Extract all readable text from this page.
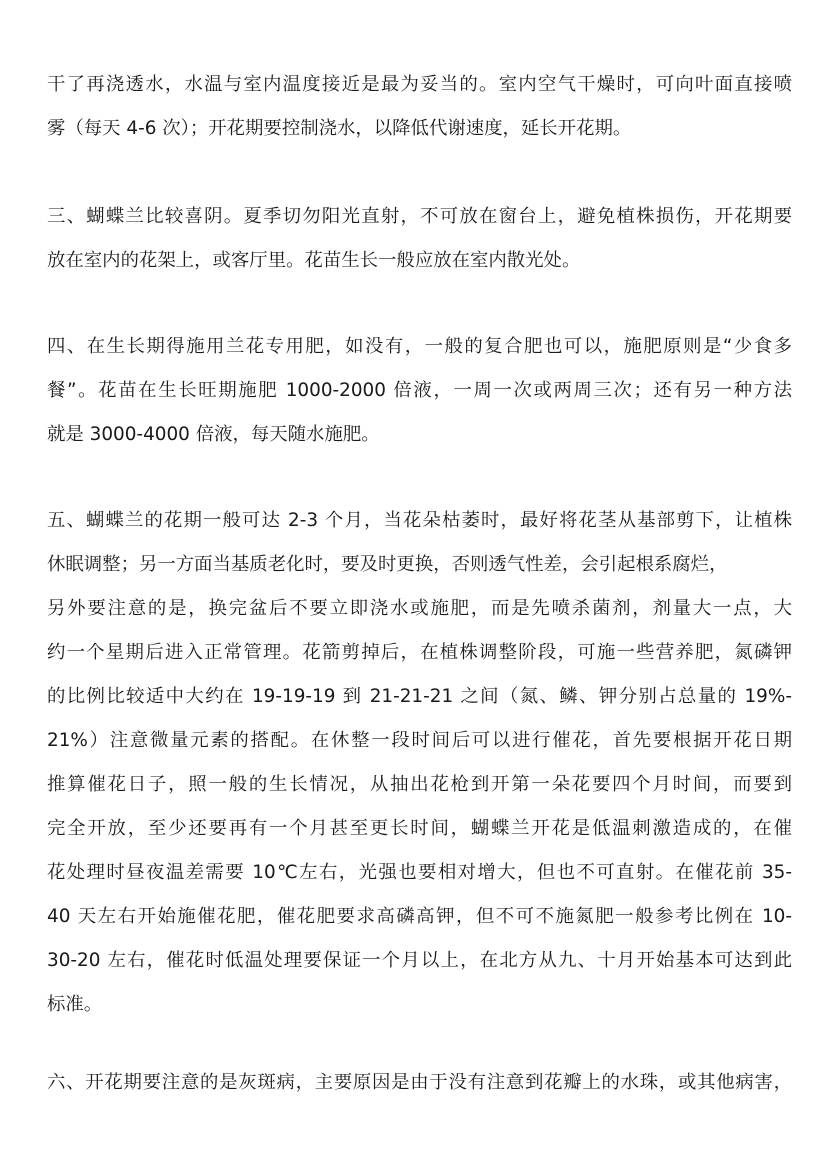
干了再浇透水，水温与室内温度接近是最为妥当的。室内空气干燥时，可向叶面直接喷
雾（每天 4-6 次）；开花期要控制浇水，以降低代谢速度，延长开花期。
三、蝴蝶兰比较喜阴。夏季切勿阳光直射，不可放在窗台上，避免植株损伤，开花期要
放在室内的花架上，或客厅里。花苗生长一般应放在室内散光处。
四、在生长期得施用兰花专用肥，如没有，一般的复合肥也可以，施肥原则是“少食多
餐”。花苗在生长旺期施肥 1000-2000 倍液，一周一次或两周三次；还有另一种方法
就是 3000-4000 倍液，每天随水施肥。
五、蝴蝶兰的花期一般可达 2-3 个月，当花朵枯萎时，最好将花茎从基部剪下，让植株
休眠调整；另一方面当基质老化时，要及时更换，否则透气性差，会引起根系腐烂，
另外要注意的是，换完盆后不要立即浇水或施肥，而是先喷杀菌剂，剂量大一点，大
约一个星期后进入正常管理。花箭剪掉后，在植株调整阶段，可施一些营养肥，氮磷钾
的比例比较适中大约在 19-19-19 到 21-21-21 之间（氮、鳞、钾分别占总量的 19%-
21%）注意微量元素的搭配。在休整一段时间后可以进行催花，首先要根据开花日期
推算催花日子，照一般的生长情况，从抽出花枪到开第一朵花要四个月时间，而要到
完全开放，至少还要再有一个月甚至更长时间，蝴蝶兰开花是低温刺激造成的，在催
花处理时昼夜温差需要 10℃左右，光强也要相对增大，但也不可直射。在催花前 35-
40 天左右开始施催花肥，催花肥要求高磷高钾，但不可不施氮肥一般参考比例在 10-
30-20 左右，催花时低温处理要保证一个月以上，在北方从九、十月开始基本可达到此
标准。
六、开花期要注意的是灰斑病，主要原因是由于没有注意到花瓣上的水珠，或其他病害，
